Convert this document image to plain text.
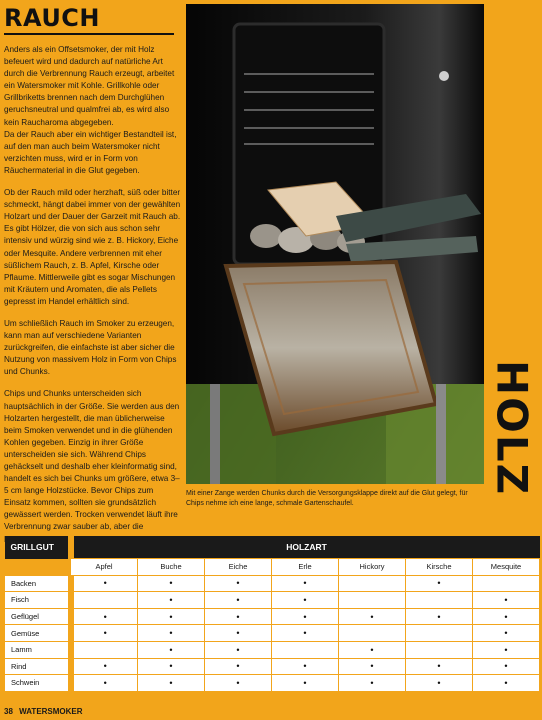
RAUCH

Anders als ein Offsetsmoker, der mit Holz befeuert wird und dadurch auf natürliche Art durch die Verbrennung Rauch erzeugt, arbeitet ein Watersmoker mit Kohle. Grillkohle oder Grillbriketts brennen nach dem Durchglühen geruchsneutral und qualmfrei ab, es wird also kein Raucharoma abgegeben.

Da der Rauch aber ein wichtiger Bestandteil ist, auf den man auch beim Watersmoker nicht verzichten muss, wird er in Form von Räuchermaterial in die Glut gegeben.

Ob der Rauch mild oder herzhaft, süß oder bitter schmeckt, hängt dabei immer von der gewählten Holzart und der Dauer der Garzeit mit Rauch ab. Es gibt Hölzer, die von sich aus schon sehr intensiv und würzig sind wie z. B. Hickory, Eiche oder Mesquite. Andere verbrennen mit eher süßlichem Rauch, z. B. Apfel, Kirsche oder Pflaume. Mittlerweile gibt es sogar Mischungen mit Kräutern und Aromaten, die als Pellets gepresst im Handel erhältlich sind.

Um schließlich Rauch im Smoker zu erzeugen, kann man auf verschiedene Varianten zurückgreifen, die einfachste ist aber sicher die Nutzung von massivem Holz in Form von Chips und Chunks.

Chips und Chunks unterscheiden sich hauptsächlich in der Größe. Sie werden aus den Holzarten hergestellt, die man üblicherweise beim Smoken verwendet und in die glühenden Kohlen gegeben. Einzig in ihrer Größe unterscheiden sie sich. Während Chips gehäckselt und deshalb eher kleinformatig sind, handelt es sich bei Chunks um größere, etwa 3–5 cm lange Holzstücke. Bevor Chips zum Einsatz kommen, sollten sie grundsätzlich gewässert werden. Trocken verwendet läuft ihre Verbrennung zwar sauber ab, aber die

HOLZ
Mit einer Zange werden Chunks durch die Versorgungsklappe direkt auf die Glut gelegt, für Chips nehme ich eine lange, schmale Gartenschaufel.
GRILLGUT	HOLZART						
	Apfel	Buche	Eiche	Erle	Hickory	Kirsche	Mesquite
Backen	•	•	•	•		•	
Fisch		•	•	•			•
Geflügel	•	•	•	•	•	•	•
Gemüse	•	•	•	•			•
Lamm		•	•		•		•
Rind	•	•	•	•	•	•	•
Schwein	•	•	•	•	•	•	•
38 WATERSMOKER
